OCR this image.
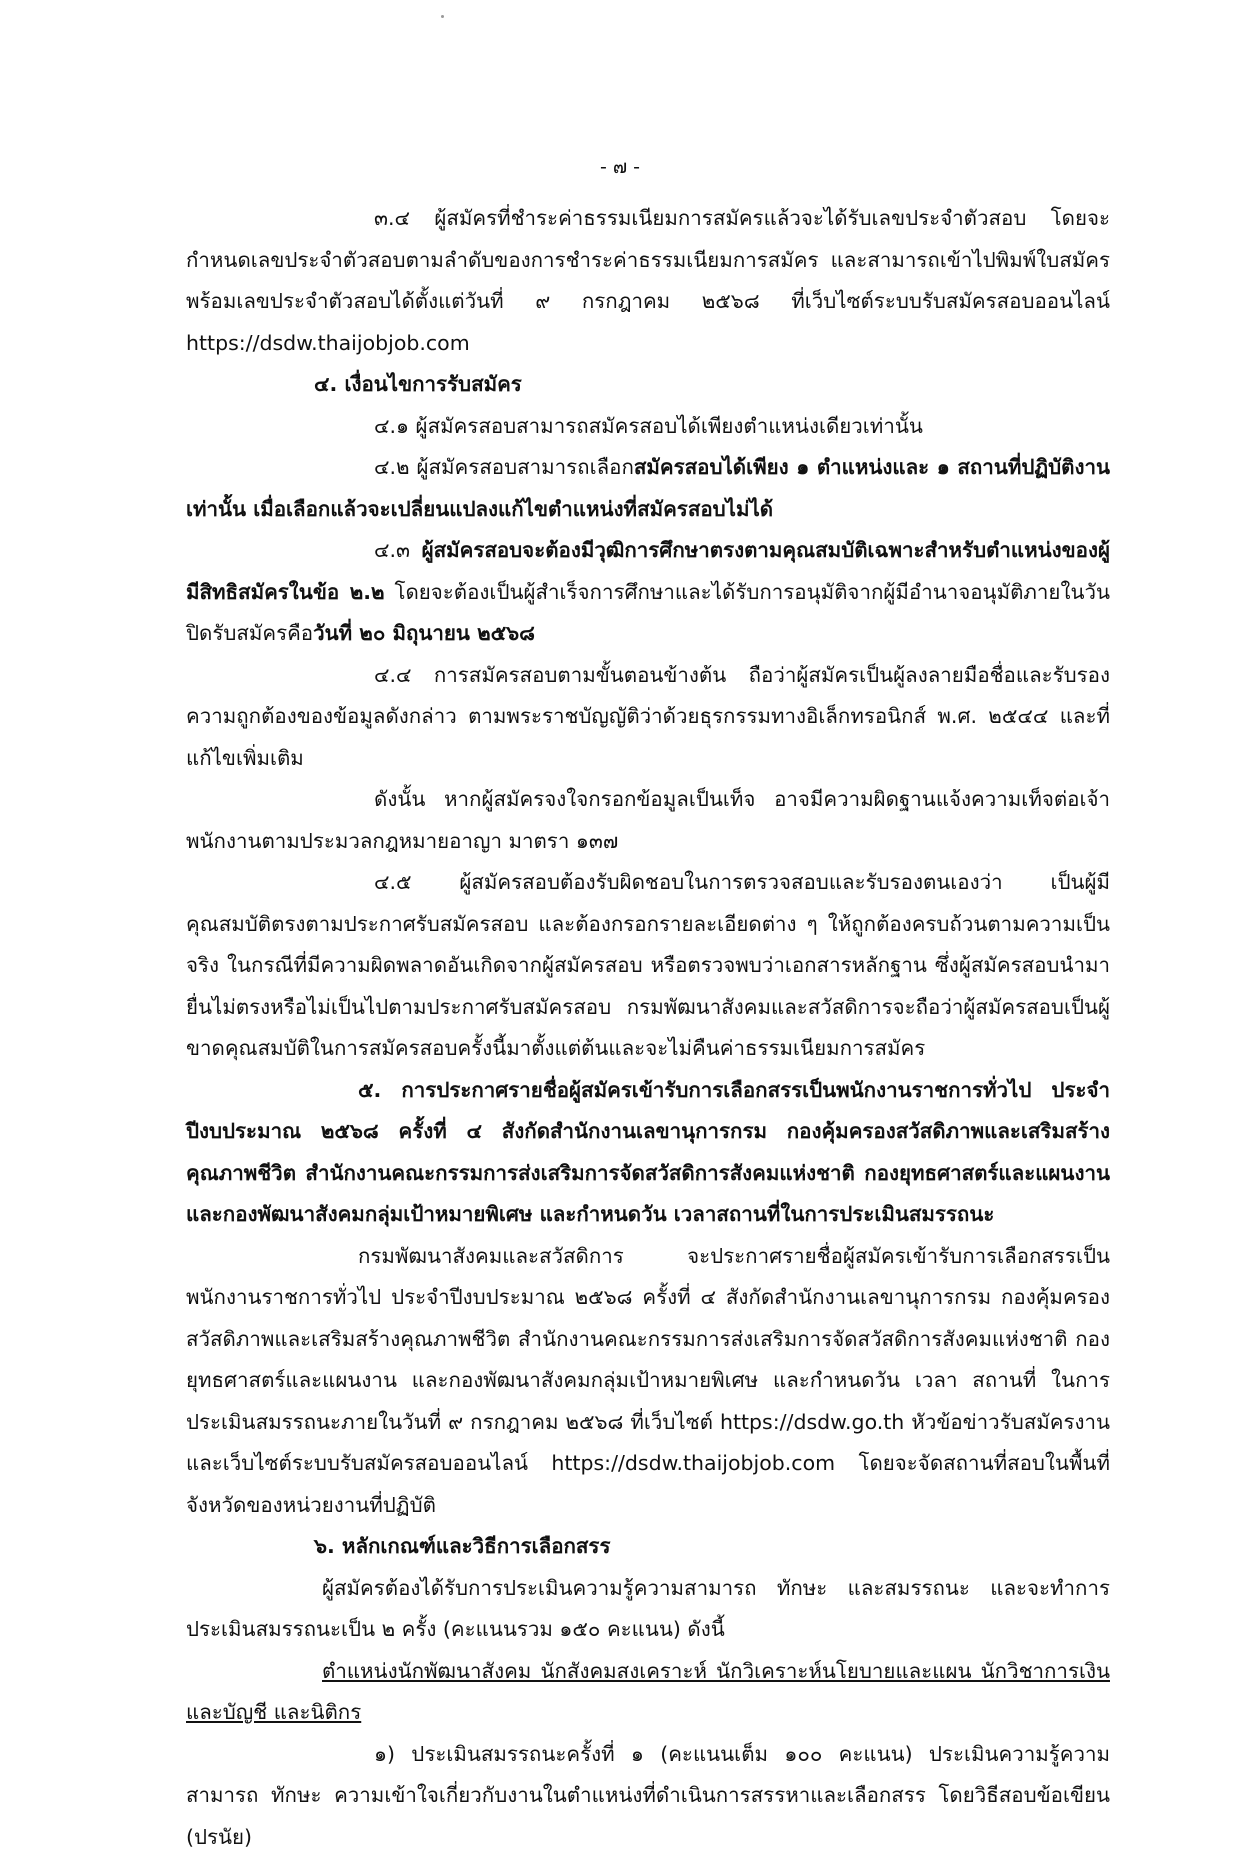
- ๗ -

๓.๔ ผู้สมัครที่ชำระค่าธรรมเนียมการสมัครแล้วจะได้รับเลขประจำตัวสอบ โดยจะกำหนดเลขประจำตัวสอบตามลำดับของการชำระค่าธรรมเนียมการสมัคร และสามารถเข้าไปพิมพ์ใบสมัครพร้อมเลขประจำตัวสอบได้ตั้งแต่วันที่ ๙ กรกฎาคม ๒๕๖๘ ที่เว็บไซต์ระบบรับสมัครสอบออนไลน์ https://dsdw.thaijobjob.com

๔. เงื่อนไขการรับสมัคร

๔.๑ ผู้สมัครสอบสามารถสมัครสอบได้เพียงตำแหน่งเดียวเท่านั้น

๔.๒ ผู้สมัครสอบสามารถเลือกสมัครสอบได้เพียง ๑ ตำแหน่งและ ๑ สถานที่ปฏิบัติงานเท่านั้น เมื่อเลือกแล้วจะเปลี่ยนแปลงแก้ไขตำแหน่งที่สมัครสอบไม่ได้

๔.๓ ผู้สมัครสอบจะต้องมีวุฒิการศึกษาตรงตามคุณสมบัติเฉพาะสำหรับตำแหน่งของผู้มีสิทธิสมัครในข้อ ๒.๒ โดยจะต้องเป็นผู้สำเร็จการศึกษาและได้รับการอนุมัติจากผู้มีอำนาจอนุมัติภายในวันปิดรับสมัครคือวันที่ ๒๐ มิถุนายน ๒๕๖๘

๔.๔ การสมัครสอบตามขั้นตอนข้างต้น ถือว่าผู้สมัครเป็นผู้ลงลายมือชื่อและรับรองความถูกต้องของข้อมูลดังกล่าว ตามพระราชบัญญัติว่าด้วยธุรกรรมทางอิเล็กทรอนิกส์ พ.ศ. ๒๕๔๔ และที่แก้ไขเพิ่มเติม

ดังนั้น หากผู้สมัครจงใจกรอกข้อมูลเป็นเท็จ อาจมีความผิดฐานแจ้งความเท็จต่อเจ้าพนักงานตามประมวลกฎหมายอาญา มาตรา ๑๓๗

๔.๕ ผู้สมัครสอบต้องรับผิดชอบในการตรวจสอบและรับรองตนเองว่า เป็นผู้มีคุณสมบัติตรงตามประกาศรับสมัครสอบ และต้องกรอกรายละเอียดต่าง ๆ ให้ถูกต้องครบถ้วนตามความเป็นจริง ในกรณีที่มีความผิดพลาดอันเกิดจากผู้สมัครสอบ หรือตรวจพบว่าเอกสารหลักฐาน ซึ่งผู้สมัครสอบนำมายื่นไม่ตรงหรือไม่เป็นไปตามประกาศรับสมัครสอบ กรมพัฒนาสังคมและสวัสดิการจะถือว่าผู้สมัครสอบเป็นผู้ขาดคุณสมบัติในการสมัครสอบครั้งนี้มาตั้งแต่ต้นและจะไม่คืนค่าธรรมเนียมการสมัคร

๕. การประกาศรายชื่อผู้สมัครเข้ารับการเลือกสรรเป็นพนักงานราชการทั่วไป ประจำปีงบประมาณ ๒๕๖๘ ครั้งที่ ๔ สังกัดสำนักงานเลขานุการกรม กองคุ้มครองสวัสดิภาพและเสริมสร้างคุณภาพชีวิต สำนักงานคณะกรรมการส่งเสริมการจัดสวัสดิการสังคมแห่งชาติ กองยุทธศาสตร์และแผนงาน และกองพัฒนาสังคมกลุ่มเป้าหมายพิเศษ และกำหนดวัน เวลาสถานที่ในการประเมินสมรรถนะ

กรมพัฒนาสังคมและสวัสดิการ จะประกาศรายชื่อผู้สมัครเข้ารับการเลือกสรรเป็นพนักงานราชการทั่วไป ประจำปีงบประมาณ ๒๕๖๘ ครั้งที่ ๔ สังกัดสำนักงานเลขานุการกรม กองคุ้มครองสวัสดิภาพและเสริมสร้างคุณภาพชีวิต สำนักงานคณะกรรมการส่งเสริมการจัดสวัสดิการสังคมแห่งชาติ กองยุทธศาสตร์และแผนงาน และกองพัฒนาสังคมกลุ่มเป้าหมายพิเศษ และกำหนดวัน เวลา สถานที่ ในการประเมินสมรรถนะภายในวันที่ ๙ กรกฎาคม ๒๕๖๘ ที่เว็บไซต์ https://dsdw.go.th หัวข้อข่าวรับสมัครงานและเว็บไซต์ระบบรับสมัครสอบออนไลน์ https://dsdw.thaijobjob.com โดยจะจัดสถานที่สอบในพื้นที่จังหวัดของหน่วยงานที่ปฏิบัติ

๖. หลักเกณฑ์และวิธีการเลือกสรร

ผู้สมัครต้องได้รับการประเมินความรู้ความสามารถ ทักษะ และสมรรถนะ และจะทำการประเมินสมรรถนะเป็น ๒ ครั้ง (คะแนนรวม ๑๕๐ คะแนน) ดังนี้

ตำแหน่งนักพัฒนาสังคม นักสังคมสงเคราะห์ นักวิเคราะห์นโยบายและแผน นักวิชาการเงินและบัญชี และนิติกร

๑) ประเมินสมรรถนะครั้งที่ ๑ (คะแนนเต็ม ๑๐๐ คะแนน) ประเมินความรู้ความสามารถ ทักษะ ความเข้าใจเกี่ยวกับงานในตำแหน่งที่ดำเนินการสรรหาและเลือกสรร โดยวิธีสอบข้อเขียน (ปรนัย)
